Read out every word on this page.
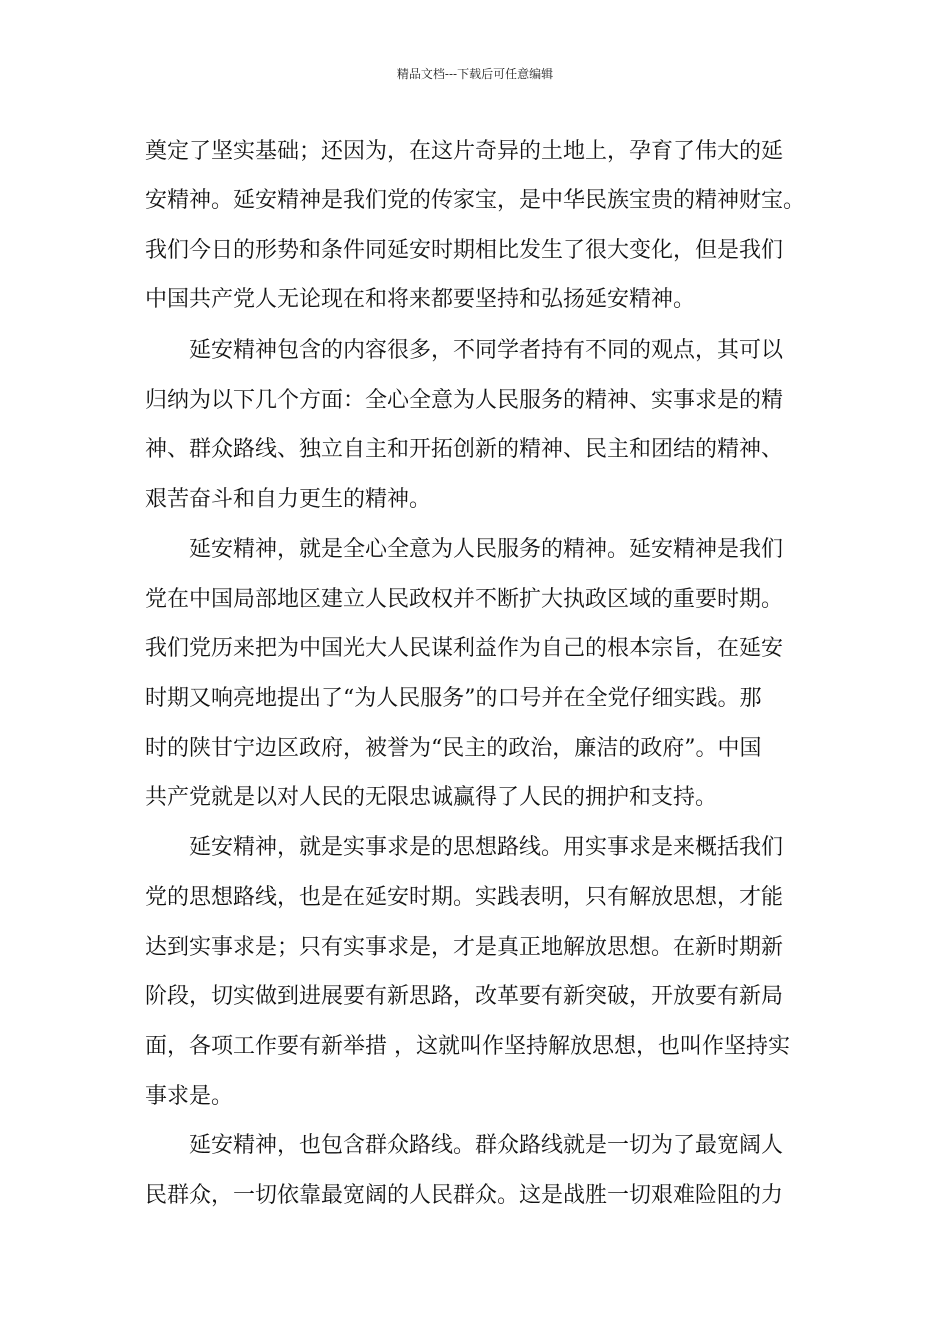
精品文档---下载后可任意编辑
奠定了坚实基础；还因为，在这片奇异的土地上，孕育了伟大的延
安精神。延安精神是我们党的传家宝，是中华民族宝贵的精神财宝。
我们今日的形势和条件同延安时期相比发生了很大变化，但是我们
中国共产党人无论现在和将来都要坚持和弘扬延安精神。
延安精神包含的内容很多，不同学者持有不同的观点，其可以
归纳为以下几个方面：全心全意为人民服务的精神、实事求是的精
神、群众路线、独立自主和开拓创新的精神、民主和团结的精神、
艰苦奋斗和自力更生的精神。
延安精神，就是全心全意为人民服务的精神。延安精神是我们
党在中国局部地区建立人民政权并不断扩大执政区域的重要时期。
我们党历来把为中国光大人民谋利益作为自己的根本宗旨，在延安
时期又响亮地提出了“为人民服务”的口号并在全党仔细实践。那
时的陕甘宁边区政府，被誉为“民主的政治，廉洁的政府”。中国
共产党就是以对人民的无限忠诚赢得了人民的拥护和支持。
延安精神，就是实事求是的思想路线。用实事求是来概括我们
党的思想路线，也是在延安时期。实践表明，只有解放思想，才能
达到实事求是；只有实事求是，才是真正地解放思想。在新时期新
阶段，切实做到进展要有新思路，改革要有新突破，开放要有新局
面，各项工作要有新举措 ，这就叫作坚持解放思想，也叫作坚持实
事求是。
延安精神，也包含群众路线。群众路线就是一切为了最宽阔人
民群众，一切依靠最宽阔的人民群众。这是战胜一切艰难险阻的力
